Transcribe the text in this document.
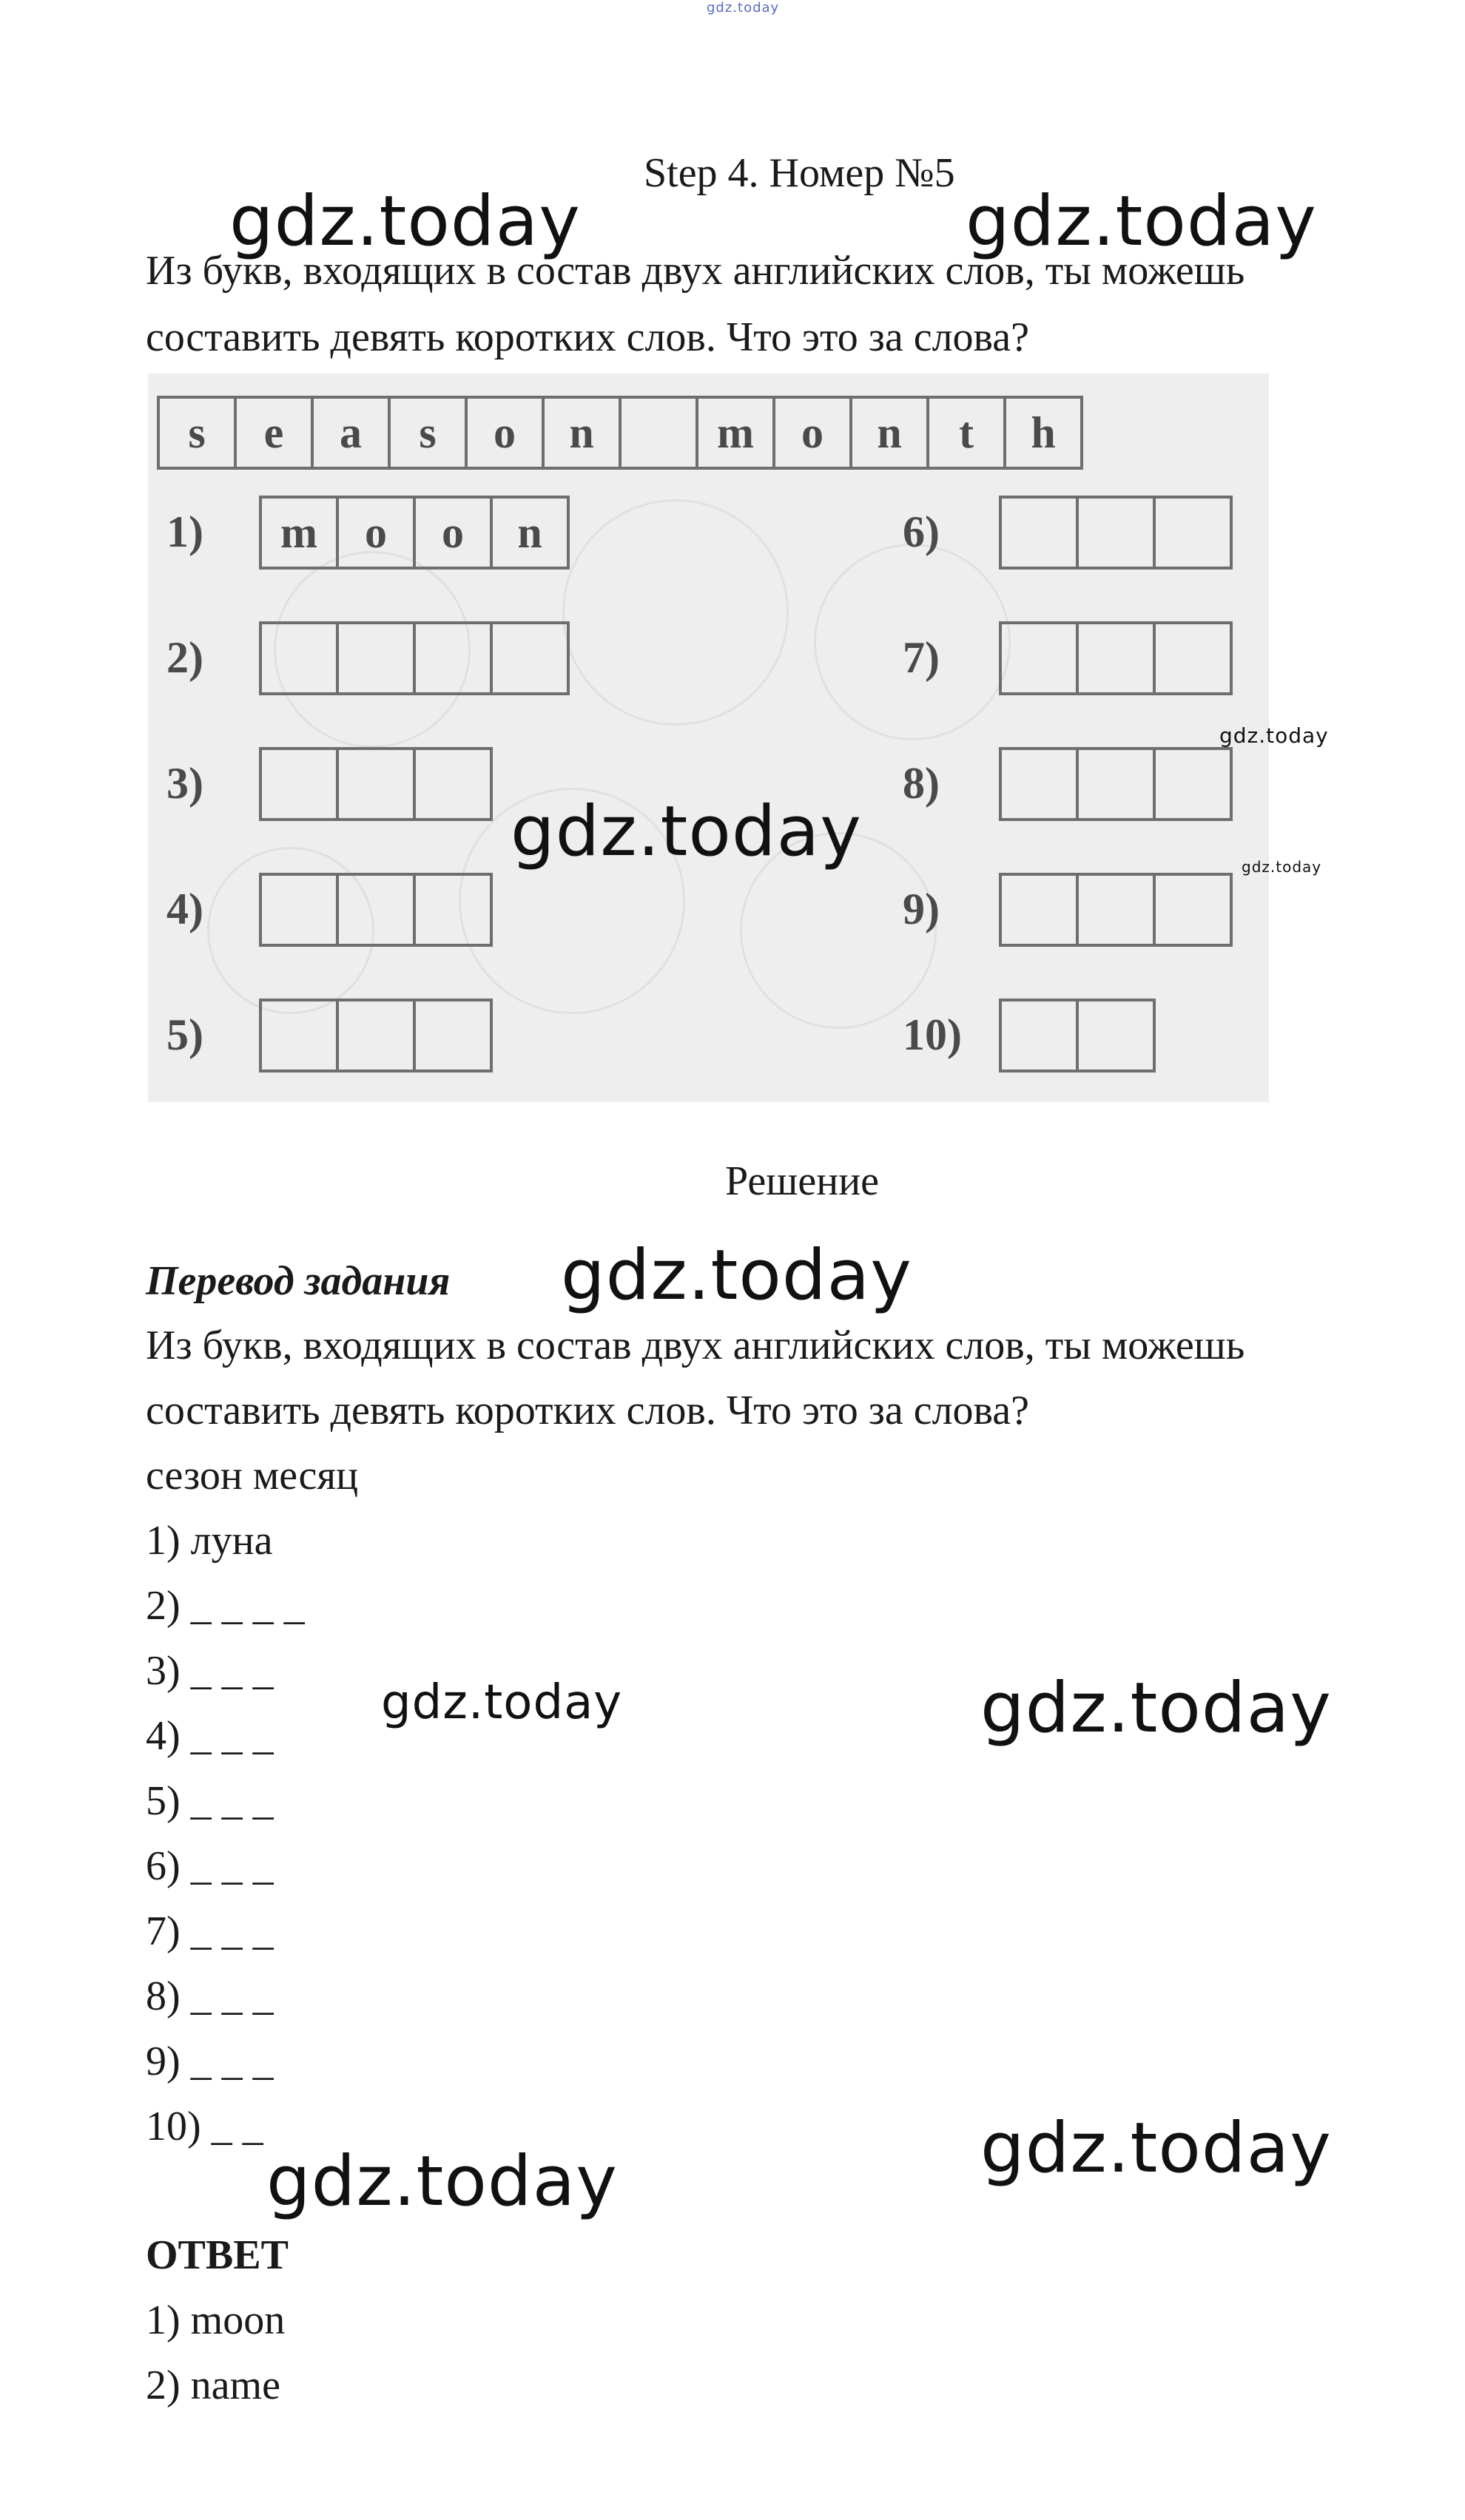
gdz.today
Step 4. Номер №5
Из букв, входящих в состав двух английских слов, ты можешь
составить девять коротких слов. Что это за слова?
s	e	a	s	o	n	m	o	n	t	h
1)	m	o	o	n
2)
3)
4)
5)
6)
7)
8)
9)
10)
gdz.today	gdz.today
gdz.today
gdz.today
gdz.today
Решение
Перевод задания gdz.today
Из букв, входящих в состав двух английских слов, ты можешь
составить девять коротких слов. Что это за слова?
сезон месяц
1) луна
2) _ _ _ _
3) _ _ _
4) _ _ _
5) _ _ _
6) _ _ _
7) _ _ _
8) _ _ _
9) _ _ _
10) _ _
gdz.today	gdz.today
gdz.today
gdz.today
ОТВЕТ
1) moon
2) name
